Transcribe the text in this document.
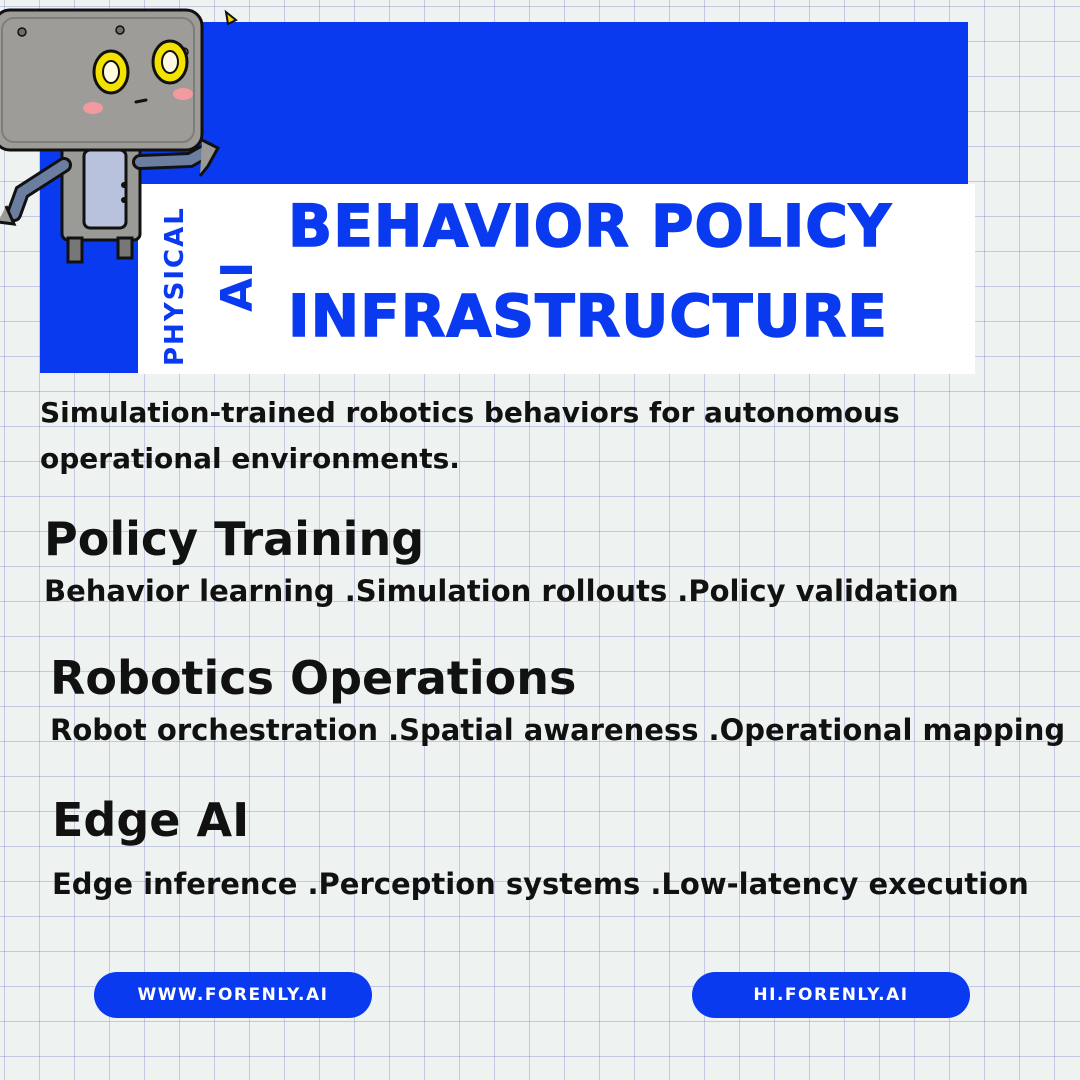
PHYSICAL AI
BEHAVIOR POLICY
INFRASTRUCTURE

Simulation-trained robotics behaviors for autonomous operational environments.

Policy Training

Behavior learning .Simulation rollouts .Policy validation

Robotics Operations

Robot orchestration .Spatial awareness .Operational mapping

Edge AI

Edge inference .Perception systems .Low-latency execution

WWW.FORENLY.AI	HI.FORENLY.AI
